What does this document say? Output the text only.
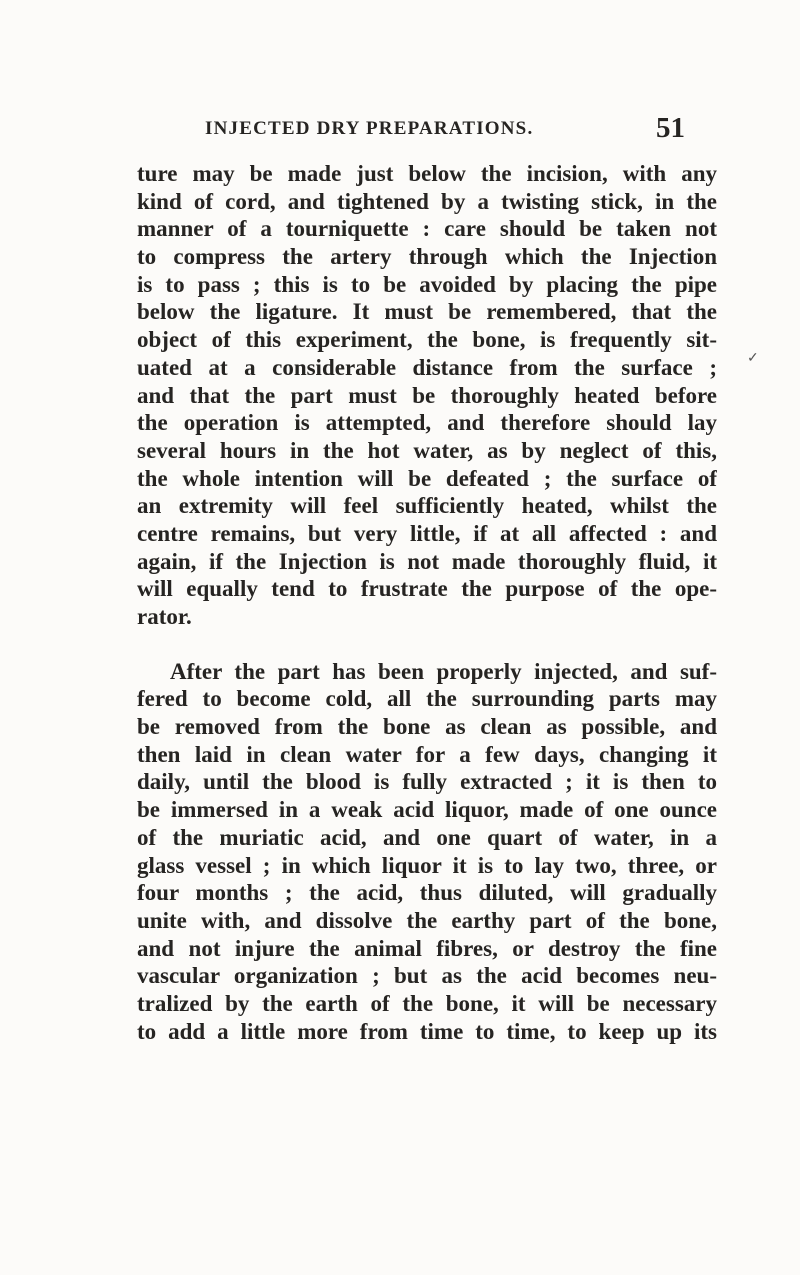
INJECTED DRY PREPARATIONS.	51
✓
ture may be made just below the incision, with any
kind of cord, and tightened by a twisting stick, in the
manner of a tourniquette : care should be taken not
to compress the artery through which the Injection
is to pass ; this is to be avoided by placing the pipe
below the ligature. It must be remembered, that the
object of this experiment, the bone, is frequently sit-
uated at a considerable distance from the surface ;
and that the part must be thoroughly heated before
the operation is attempted, and therefore should lay
several hours in the hot water, as by neglect of this,
the whole intention will be defeated ; the surface of
an extremity will feel sufficiently heated, whilst the
centre remains, but very little, if at all affected : and
again, if the Injection is not made thoroughly fluid, it
will equally tend to frustrate the purpose of the ope-
rator.
After the part has been properly injected, and suf-
fered to become cold, all the surrounding parts may
be removed from the bone as clean as possible, and
then laid in clean water for a few days, changing it
daily, until the blood is fully extracted ; it is then to
be immersed in a weak acid liquor, made of one ounce
of the muriatic acid, and one quart of water, in a
glass vessel ; in which liquor it is to lay two, three, or
four months ; the acid, thus diluted, will gradually
unite with, and dissolve the earthy part of the bone,
and not injure the animal fibres, or destroy the fine
vascular organization ; but as the acid becomes neu-
tralized by the earth of the bone, it will be necessary
to add a little more from time to time, to keep up its
